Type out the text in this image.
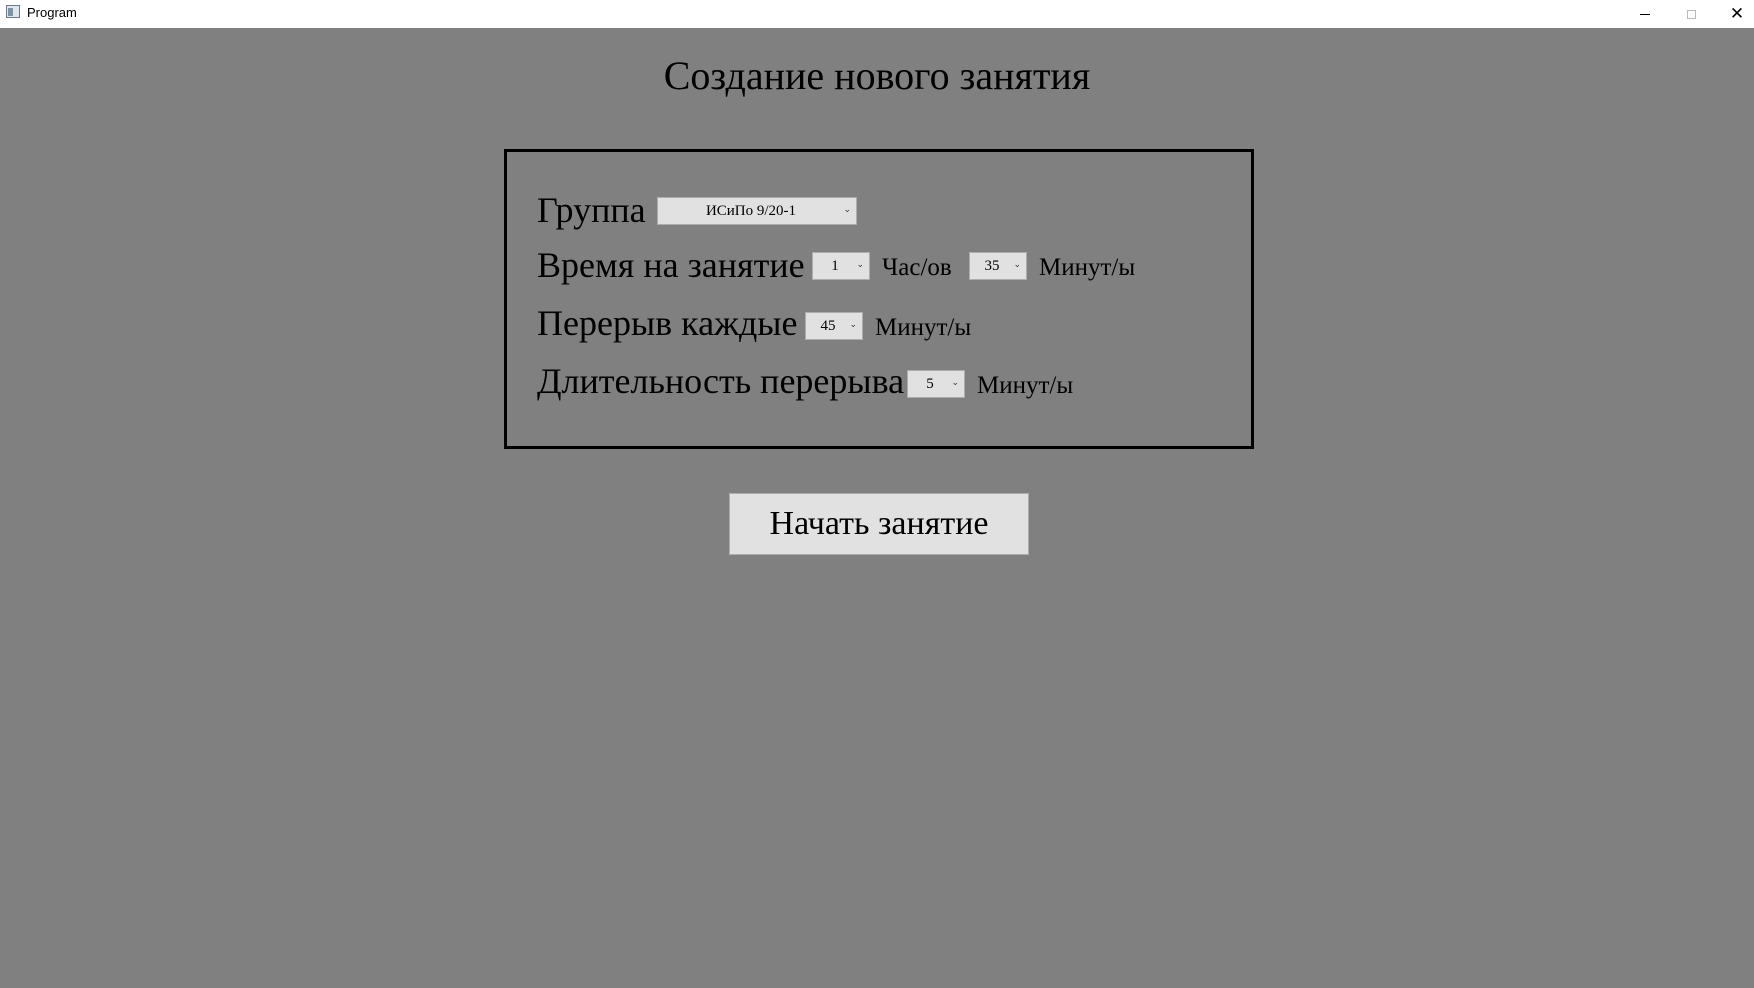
Program	✕
Создание нового занятия
Группа	ИСиПо 9/20-1	⌄
Время на занятие	1	⌄ Час/ов	35	⌄ Минут/ы
Перерыв каждые	45	⌄ Минут/ы
Длительность перерыва	5	⌄ Минут/ы
Начать занятие
